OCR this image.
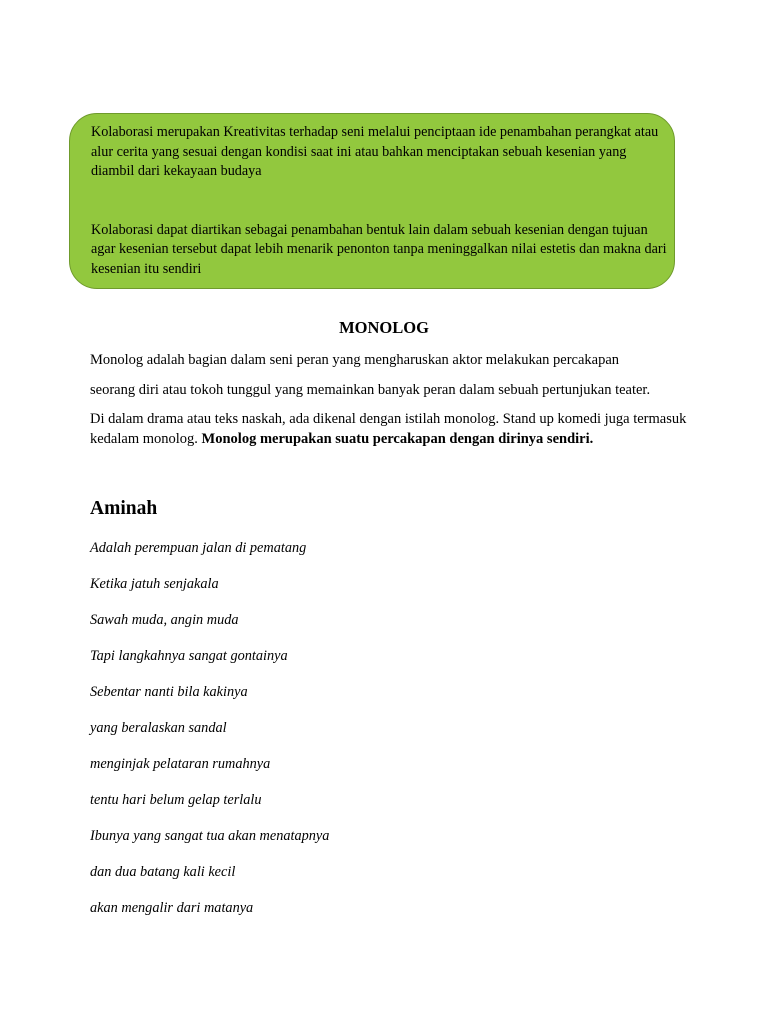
Kolaborasi merupakan Kreativitas terhadap seni melalui penciptaan ide penambahan perangkat atau alur cerita yang sesuai dengan kondisi saat ini atau bahkan menciptakan sebuah kesenian yang diambil dari kekayaan budaya

Kolaborasi dapat diartikan sebagai penambahan bentuk lain dalam sebuah kesenian dengan tujuan agar kesenian tersebut dapat lebih menarik penonton tanpa meninggalkan nilai estetis dan makna dari kesenian itu sendiri

MONOLOG

Monolog adalah bagian dalam seni peran yang mengharuskan aktor melakukan percakapan

seorang diri atau tokoh tunggul yang memainkan banyak peran dalam sebuah pertunjukan teater.

Di dalam drama atau teks naskah, ada dikenal dengan istilah monolog. Stand up komedi juga termasuk kedalam monolog. Monolog merupakan suatu percakapan dengan dirinya sendiri.

Aminah
Adalah perempuan jalan di pematang
Ketika jatuh senjakala
Sawah muda, angin muda
Tapi langkahnya sangat gontainya
Sebentar nanti bila kakinya
yang beralaskan sandal
menginjak pelataran rumahnya
tentu hari belum gelap terlalu
Ibunya yang sangat tua akan menatapnya
dan dua batang kali kecil
akan mengalir dari matanya
